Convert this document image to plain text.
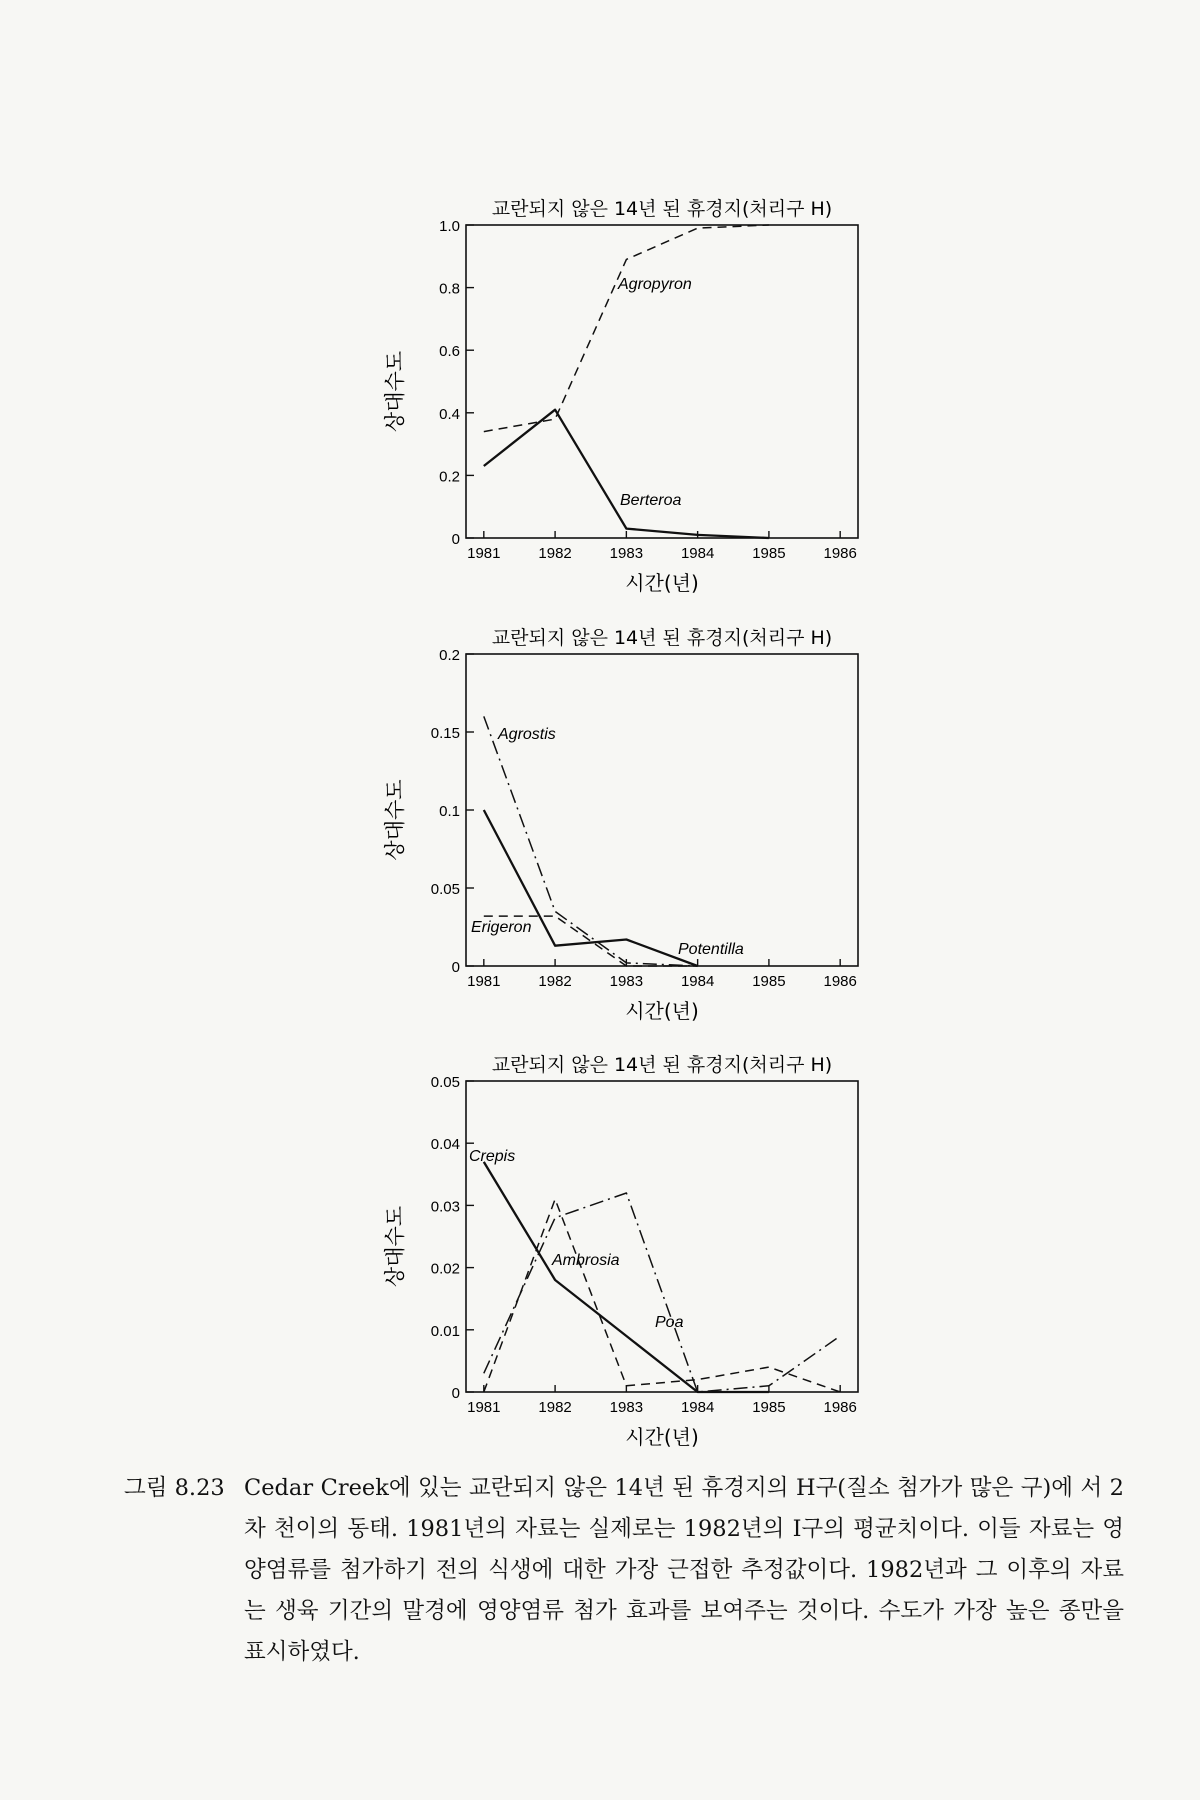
교란되지 않은 14년 된 휴경지(처리구 H)
0
0.2
0.4
0.6
0.8
1.0
1981	1982	1983	1984	1985	1986
시간(년)
상대수도
Agropyron
Berteroa
교란되지 않은 14년 된 휴경지(처리구 H)
0
0.05
0.1
0.15
0.2
1981	1982	1983	1984	1985	1986
시간(년)
상대수도
Agrostis
Potentilla
Erigeron
교란되지 않은 14년 된 휴경지(처리구 H)
0
0.01
0.02
0.03
0.04
0.05
1981	1982	1983	1984	1985	1986
시간(년)
상대수도
Crepis
Ambrosia
Poa
그림 8.23 Cedar Creek에 있는 교란되지 않은 14년 된 휴경지의 H구(질소 첨가가 많은 구)에 서 2차 천이의 동태. 1981년의 자료는 실제로는 1982년의 I구의 평균치이다. 이들 자료는 영양염류를 첨가하기 전의 식생에 대한 가장 근접한 추정값이다. 1982년과 그 이후의 자료는 생육 기간의 말경에 영양염류 첨가 효과를 보여주는 것이다. 수도가 가장 높은 종만을 표시하였다.
